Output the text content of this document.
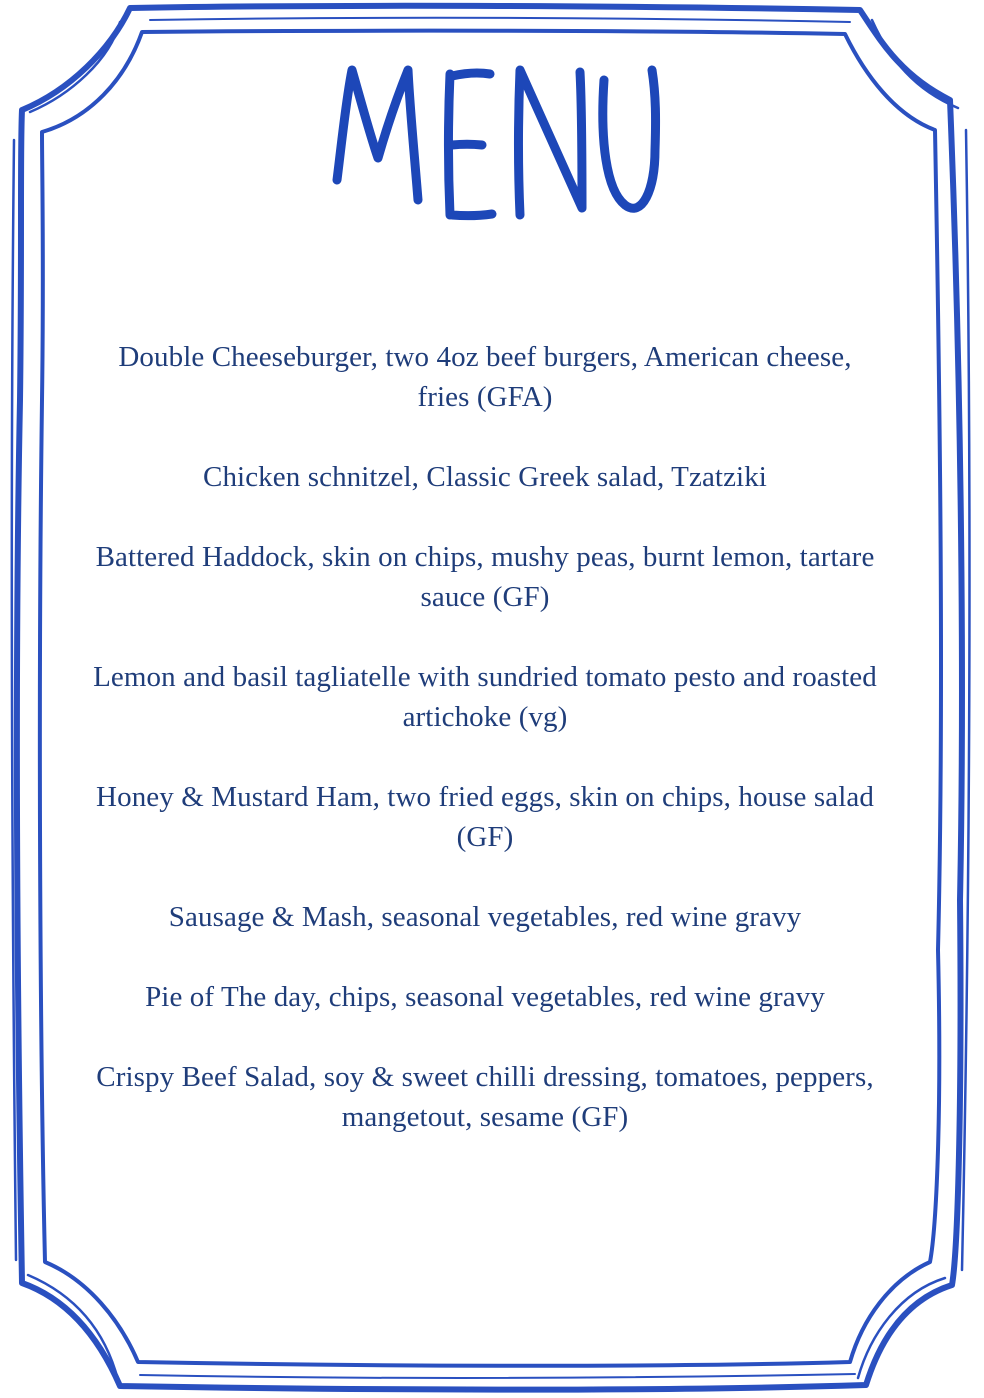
Double Cheeseburger, two 4oz beef burgers, American cheese, fries (GFA)
Chicken schnitzel, Classic Greek salad, Tzatziki
Battered Haddock, skin on chips, mushy peas, burnt lemon, tartare sauce (GF)
Lemon and basil tagliatelle with sundried tomato pesto and roasted artichoke (vg)
Honey & Mustard Ham, two fried eggs, skin on chips, house salad (GF)
Sausage & Mash, seasonal vegetables, red wine gravy
Pie of The day, chips, seasonal vegetables, red wine gravy
Crispy Beef Salad, soy & sweet chilli dressing, tomatoes, peppers, mangetout, sesame (GF)
